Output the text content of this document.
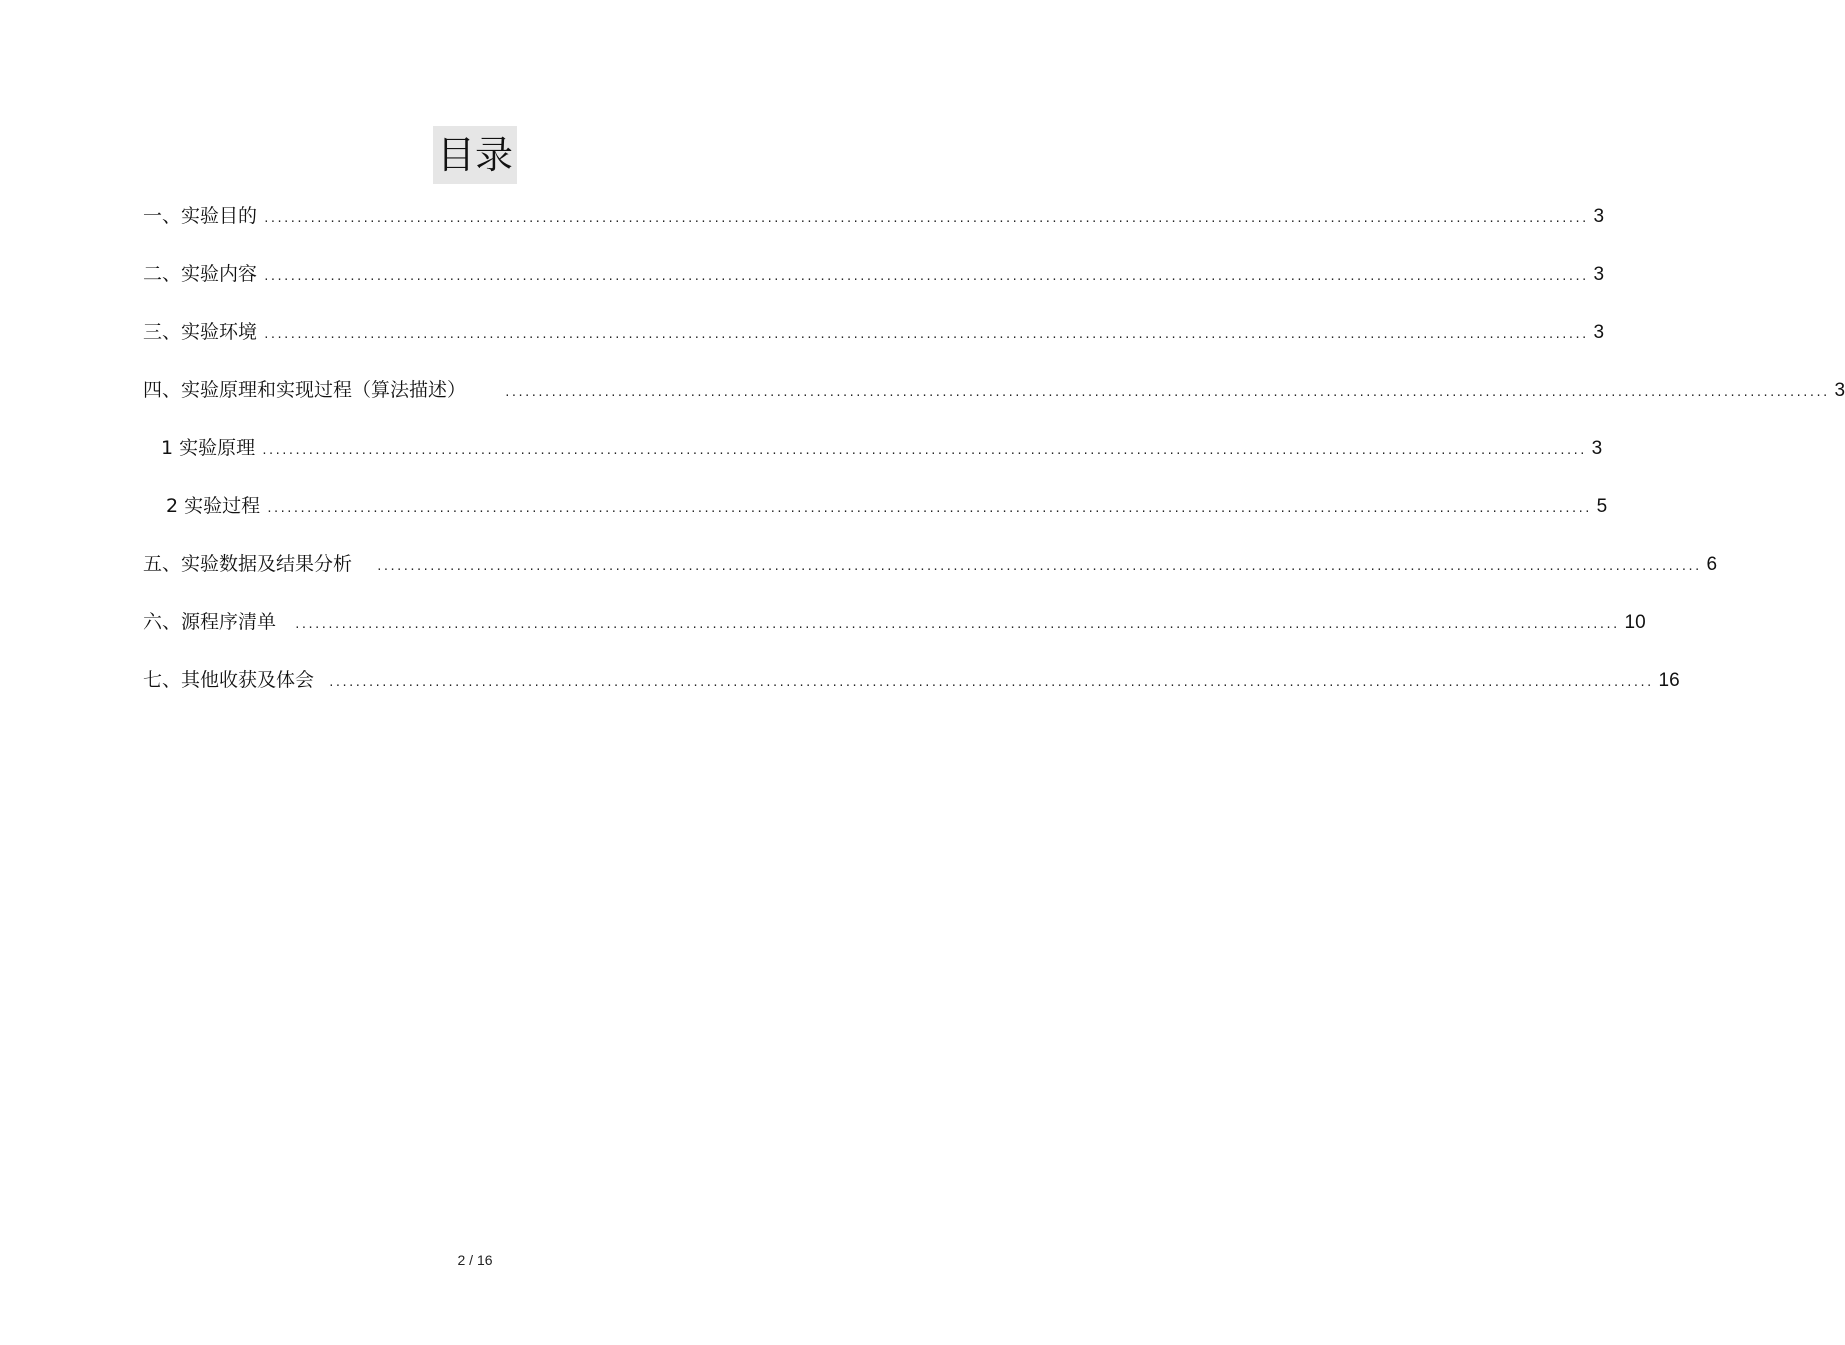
目录
一、实验目的 ........................................................................................................................................................................................................ 3
二、实验内容 ........................................................................................................................................................................................................ 3
三、实验环境 ........................................................................................................................................................................................................ 3
四、实验原理和实现过程（算法描述）	........................................................................................................................................................................................................ 3
1 实验原理 ........................................................................................................................................................................................................ 3
2 实验过程 ........................................................................................................................................................................................................ 5
五、实验数据及结果分析 ........................................................................................................................................................................................................ 6
六、源程序清单 ........................................................................................................................................................................................................ 10
七、其他收获及体会 ........................................................................................................................................................................................................ 16
2 / 16
